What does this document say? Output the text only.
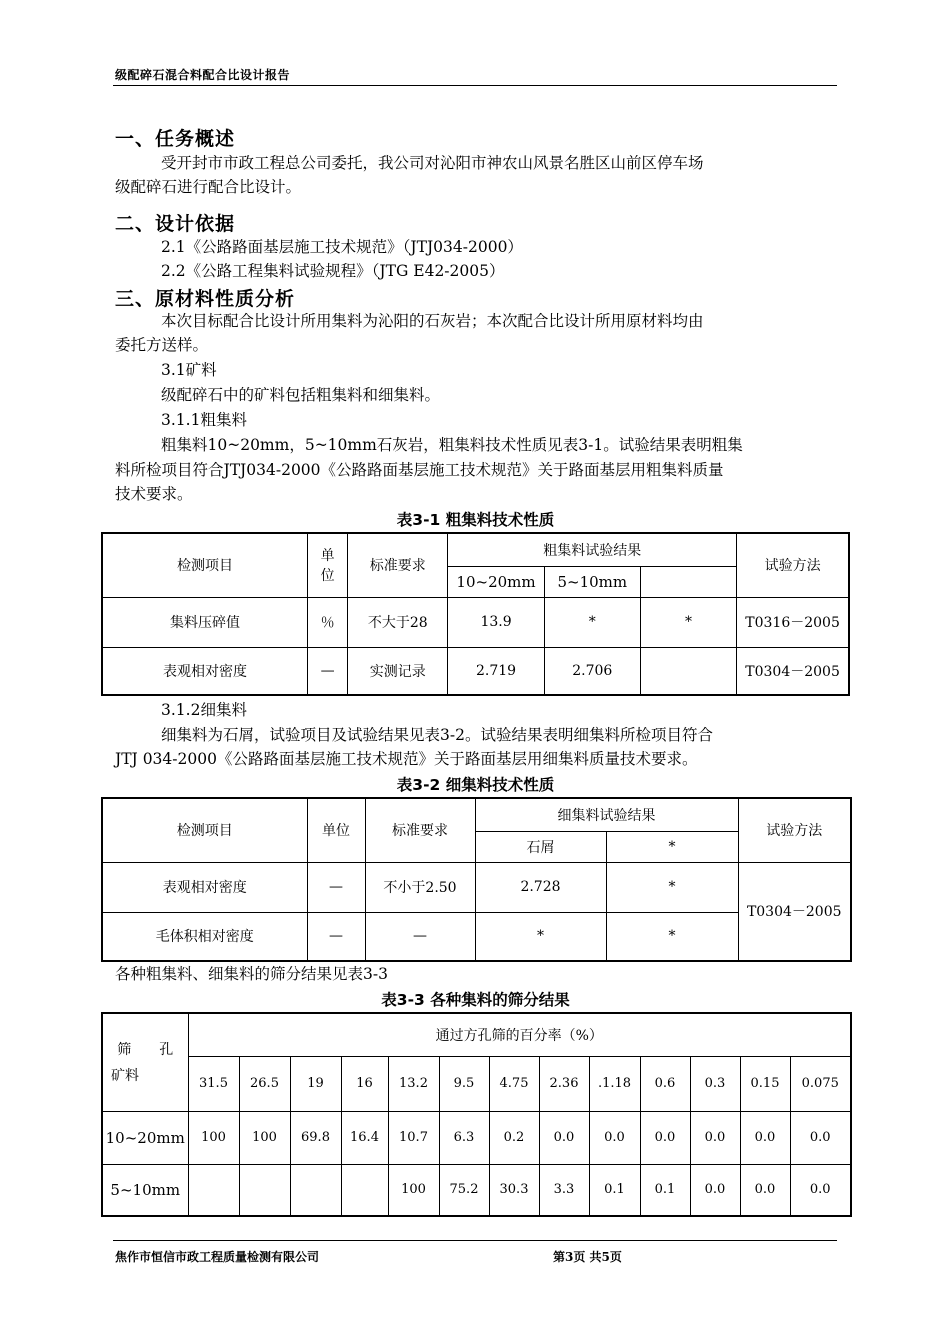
级配碎石混合料配合比设计报告
一、任务概述
受开封市市政工程总公司委托，我公司对沁阳市神农山风景名胜区山前区停车场
级配碎石进行配合比设计。
二、设计依据
2.1《公路路面基层施工技术规范》（JTJ034-2000）
2.2《公路工程集料试验规程》（JTG E42-2005）
三、原材料性质分析
本次目标配合比设计所用集料为沁阳的石灰岩；本次配合比设计所用原材料均由
委托方送样。
3.1矿料
级配碎石中的矿料包括粗集料和细集料。
3.1.1粗集料
粗集料10~20mm，5~10mm石灰岩，粗集料技术性质见表3-1。试验结果表明粗集
料所检项目符合JTJ034-2000《公路路面基层施工技术规范》关于路面基层用粗集料质量
技术要求。
表3-1 粗集料技术性质
检测项目	单
位	标准要求	粗集料试验结果			试验方法
			10~20mm	5~10mm		
集料压碎值	％	不大于28	13.9	*	*	T0316－2005
表观相对密度	—	实测记录	2.719	2.706		T0304－2005
3.1.2细集料
细集料为石屑，试验项目及试验结果见表3-2。试验结果表明细集料所检项目符合
JTJ 034-2000《公路路面基层施工技术规范》关于路面基层用细集料质量技术要求。
表3-2 细集料技术性质
检测项目	单位	标准要求	细集料试验结果		试验方法
			石屑	*	
表观相对密度	—	不小于2.50	2.728	*	T0304－2005
毛体积相对密度	—	—	*	*	
各种粗集料、细集料的筛分结果见表3-3
表3-3 各种集料的筛分结果
筛　　孔
矿料	通过方孔筛的百分率（%）												
	31.5	26.5	19	16	13.2	9.5	4.75	2.36	.1.18	0.6	0.3	0.15	0.075
10~20mm	100	100	69.8	16.4	10.7	6.3	0.2	0.0	0.0	0.0	0.0	0.0	0.0
5~10mm					100	75.2	30.3	3.3	0.1	0.1	0.0	0.0	0.0
焦作市恒信市政工程质量检测有限公司	第3页 共5页
